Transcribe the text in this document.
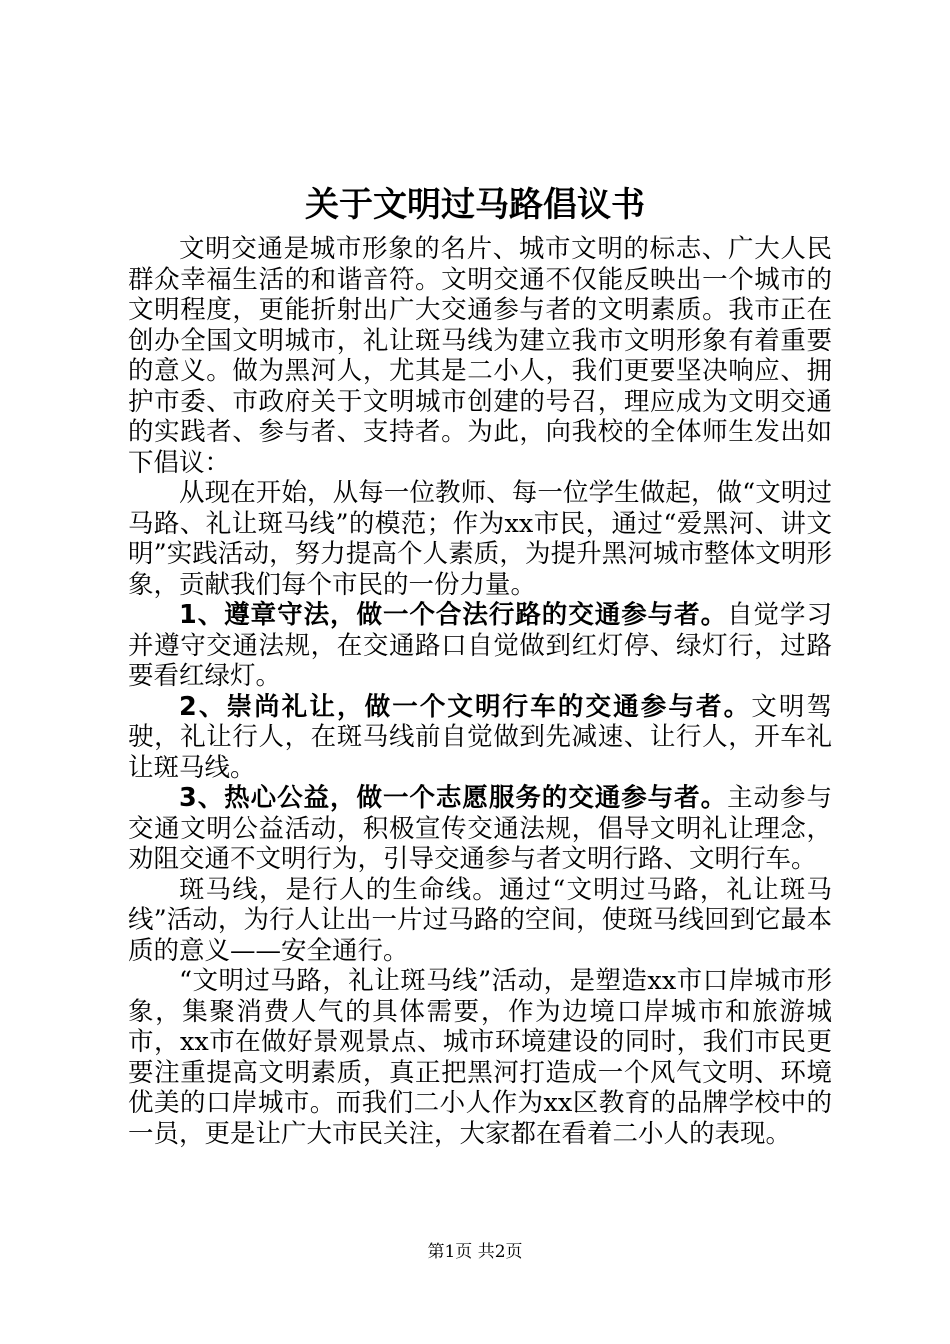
关于文明过马路倡议书

文明交通是城市形象的名片、城市文明的标志、广大人民群众幸福生活的和谐音符。文明交通不仅能反映出一个城市的文明程度，更能折射出广大交通参与者的文明素质。我市正在创办全国文明城市，礼让斑马线为建立我市文明形象有着重要的意义。做为黑河人，尤其是二小人，我们更要坚决响应、拥护市委、市政府关于文明城市创建的号召，理应成为文明交通的实践者、参与者、支持者。为此，向我校的全体师生发出如下倡议：

从现在开始，从每一位教师、每一位学生做起，做“文明过马路、礼让斑马线”的模范；作为xx市民，通过“爱黑河、讲文明”实践活动，努力提高个人素质，为提升黑河城市整体文明形象，贡献我们每个市民的一份力量。

1、遵章守法，做一个合法行路的交通参与者。自觉学习并遵守交通法规，在交通路口自觉做到红灯停、绿灯行，过路要看红绿灯。

2、崇尚礼让，做一个文明行车的交通参与者。文明驾驶，礼让行人，在斑马线前自觉做到先减速、让行人，开车礼让斑马线。

3、热心公益，做一个志愿服务的交通参与者。主动参与交通文明公益活动，积极宣传交通法规，倡导文明礼让理念，劝阻交通不文明行为，引导交通参与者文明行路、文明行车。

斑马线，是行人的生命线。通过“文明过马路，礼让斑马线”活动，为行人让出一片过马路的空间，使斑马线回到它最本质的意义——安全通行。

“文明过马路，礼让斑马线”活动，是塑造xx市口岸城市形象，集聚消费人气的具体需要，作为边境口岸城市和旅游城市，xx市在做好景观景点、城市环境建设的同时，我们市民更要注重提高文明素质，真正把黑河打造成一个风气文明、环境优美的口岸城市。而我们二小人作为xx区教育的品牌学校中的一员，更是让广大市民关注，大家都在看着二小人的表现。

第1页 共2页
